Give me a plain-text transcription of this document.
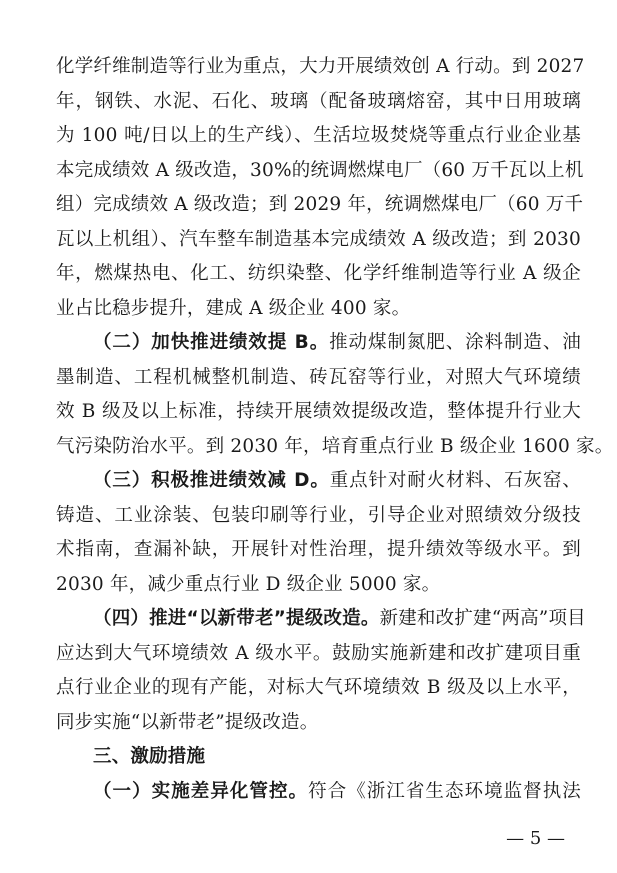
化学纤维制造等行业为重点，大力开展绩效创 A 行动。到 2027
年，钢铁、水泥、石化、玻璃（配备玻璃熔窑，其中日用玻璃
为 100 吨/日以上的生产线）、生活垃圾焚烧等重点行业企业基
本完成绩效 A 级改造，30%的统调燃煤电厂（60 万千瓦以上机
组）完成绩效 A 级改造；到 2029 年，统调燃煤电厂（60 万千
瓦以上机组）、汽车整车制造基本完成绩效 A 级改造；到 2030
年，燃煤热电、化工、纺织染整、化学纤维制造等行业 A 级企
业占比稳步提升，建成 A 级企业 400 家。
（二）加快推进绩效提 B。推动煤制氮肥、涂料制造、油
墨制造、工程机械整机制造、砖瓦窑等行业，对照大气环境绩
效 B 级及以上标准，持续开展绩效提级改造，整体提升行业大
气污染防治水平。到 2030 年，培育重点行业 B 级企业 1600 家。
（三）积极推进绩效减 D。重点针对耐火材料、石灰窑、
铸造、工业涂装、包装印刷等行业，引导企业对照绩效分级技
术指南，查漏补缺，开展针对性治理，提升绩效等级水平。到
2030 年，减少重点行业 D 级企业 5000 家。
（四）推进“以新带老”提级改造。新建和改扩建“两高”项目
应达到大气环境绩效 A 级水平。鼓励实施新建和改扩建项目重
点行业企业的现有产能，对标大气环境绩效 B 级及以上水平，
同步实施“以新带老”提级改造。
三、激励措施
（一）实施差异化管控。符合《浙江省生态环境监督执法
— 5 —
